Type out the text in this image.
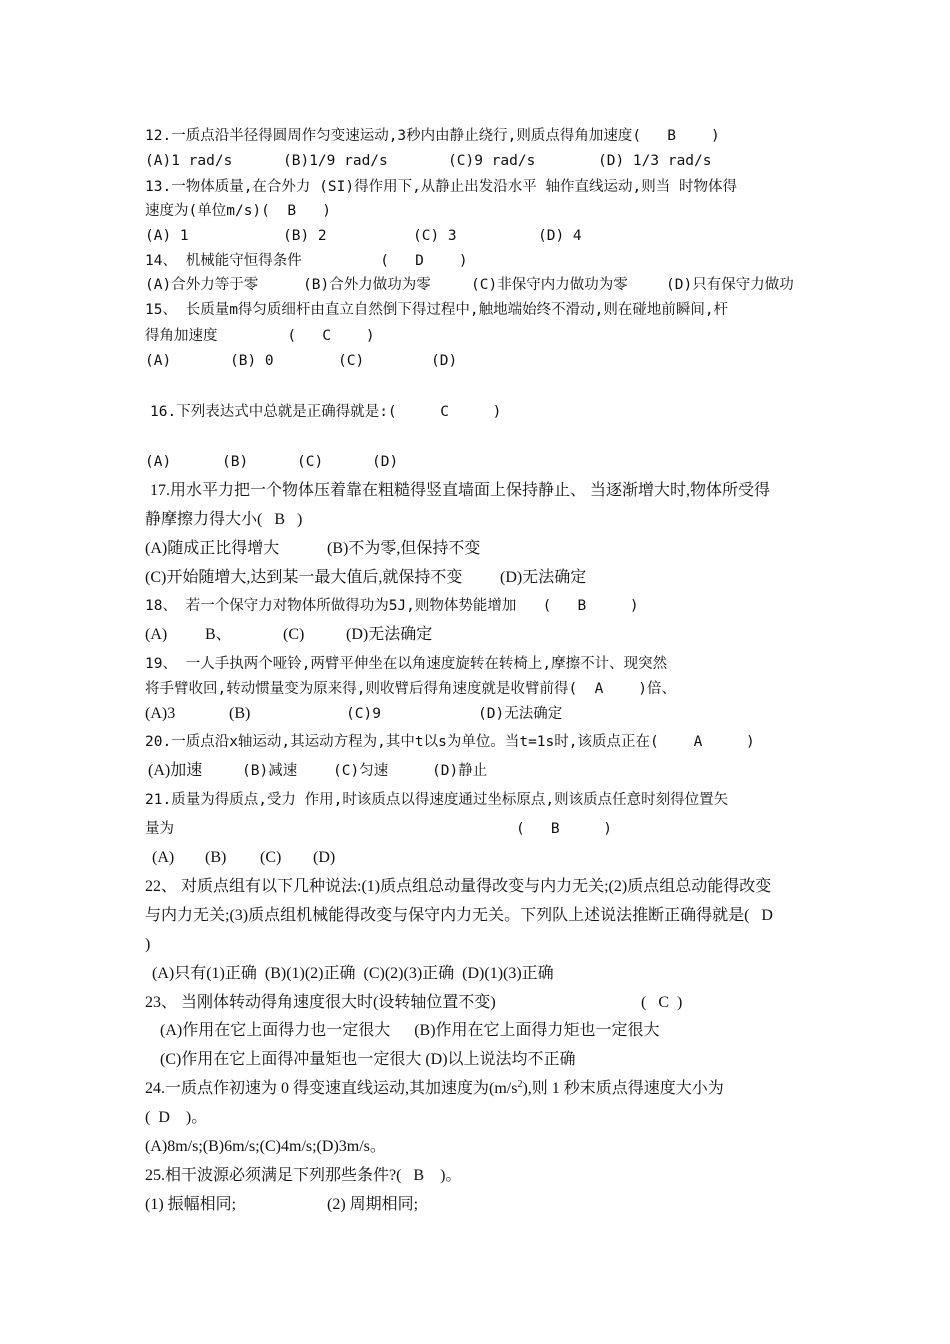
12.一质点沿半径得圆周作匀变速运动,3秒内由静止绕行,则质点得角加速度(   B    )
(A)1 rad/s	(B)1/9 rad/s	(C)9 rad/s	(D) 1/3 rad/s
13.一物体质量,在合外力 (SI)得作用下,从静止出发沿水平 轴作直线运动,则当 时物体得
速度为(单位m/s)(  B   )
(A) 1	(B) 2	(C) 3	(D) 4
14、 机械能守恒得条件         (   D    )
(A)合外力等于零	(B)合外力做功为零	(C)非保守内力做功为零	(D)只有保守力做功
15、 长质量m得匀质细杆由直立自然倒下得过程中,触地端始终不滑动,则在碰地前瞬间,杆
得角加速度        (   C    )
(A)	(B) 0	(C)	(D)
16.下列表达式中总就是正确得就是:(     C     )
(A)	(B)	(C)	(D)
17.用水平力把一个物体压着靠在粗糙得竖直墙面上保持静止、 当逐渐增大时,物体所受得
静摩擦力得大小(   B   )
(A)随成正比得增大	(B)不为零,但保持不变
(C)开始随增大,达到某一最大值后,就保持不变 (D)无法确定
18、 若一个保守力对物体所做得功为5J,则物体势能增加   (   B     )
(A) B、	(C)	(D)无法确定
19、 一人手执两个哑铃,两臂平伸坐在以角速度旋转在转椅上,摩擦不计、现突然
将手臂收回,转动惯量变为原来得,则收臂后得角速度就是收臂前得(  A    )倍、
(A)3	(B)	(C)9	(D)无法确定
20.一质点沿x轴运动,其运动方程为,其中t以s为单位。当t=1s时,该质点正在(    A     )
(A)加速	(B)减速 (C)匀速	(D)静止
21.质量为得质点,受力 作用,时该质点以得速度通过坐标原点,则该质点任意时刻得位置矢
量为	(   B     )
(A) (B) (C) (D)
22、 对质点组有以下几种说法:(1)质点组总动量得改变与内力无关;(2)质点组总动能得改变
与内力无关;(3)质点组机械能得改变与保守内力无关。下列队上述说法推断正确得就是(   D
)
(A)只有(1)正确  (B)(1)(2)正确  (C)(2)(3)正确  (D)(1)(3)正确
23、 当刚体转动得角速度很大时(设转轴位置不变)	(   C  )
(A)作用在它上面得力也一定很大      (B)作用在它上面得力矩也一定很大
(C)作用在它上面得冲量矩也一定很大 (D)以上说法均不正确
24.一质点作初速为 0 得变速直线运动,其加速度为$(m/s^2)$,则 1 秒末质点得速度大小为
(  D    )。
(A)8m/s;(B)6m/s;(C)4m/s;(D)3m/s。
25.相干波源必须满足下列那些条件?(   B    )。
(1) 振幅相同;	(2) 周期相同;
